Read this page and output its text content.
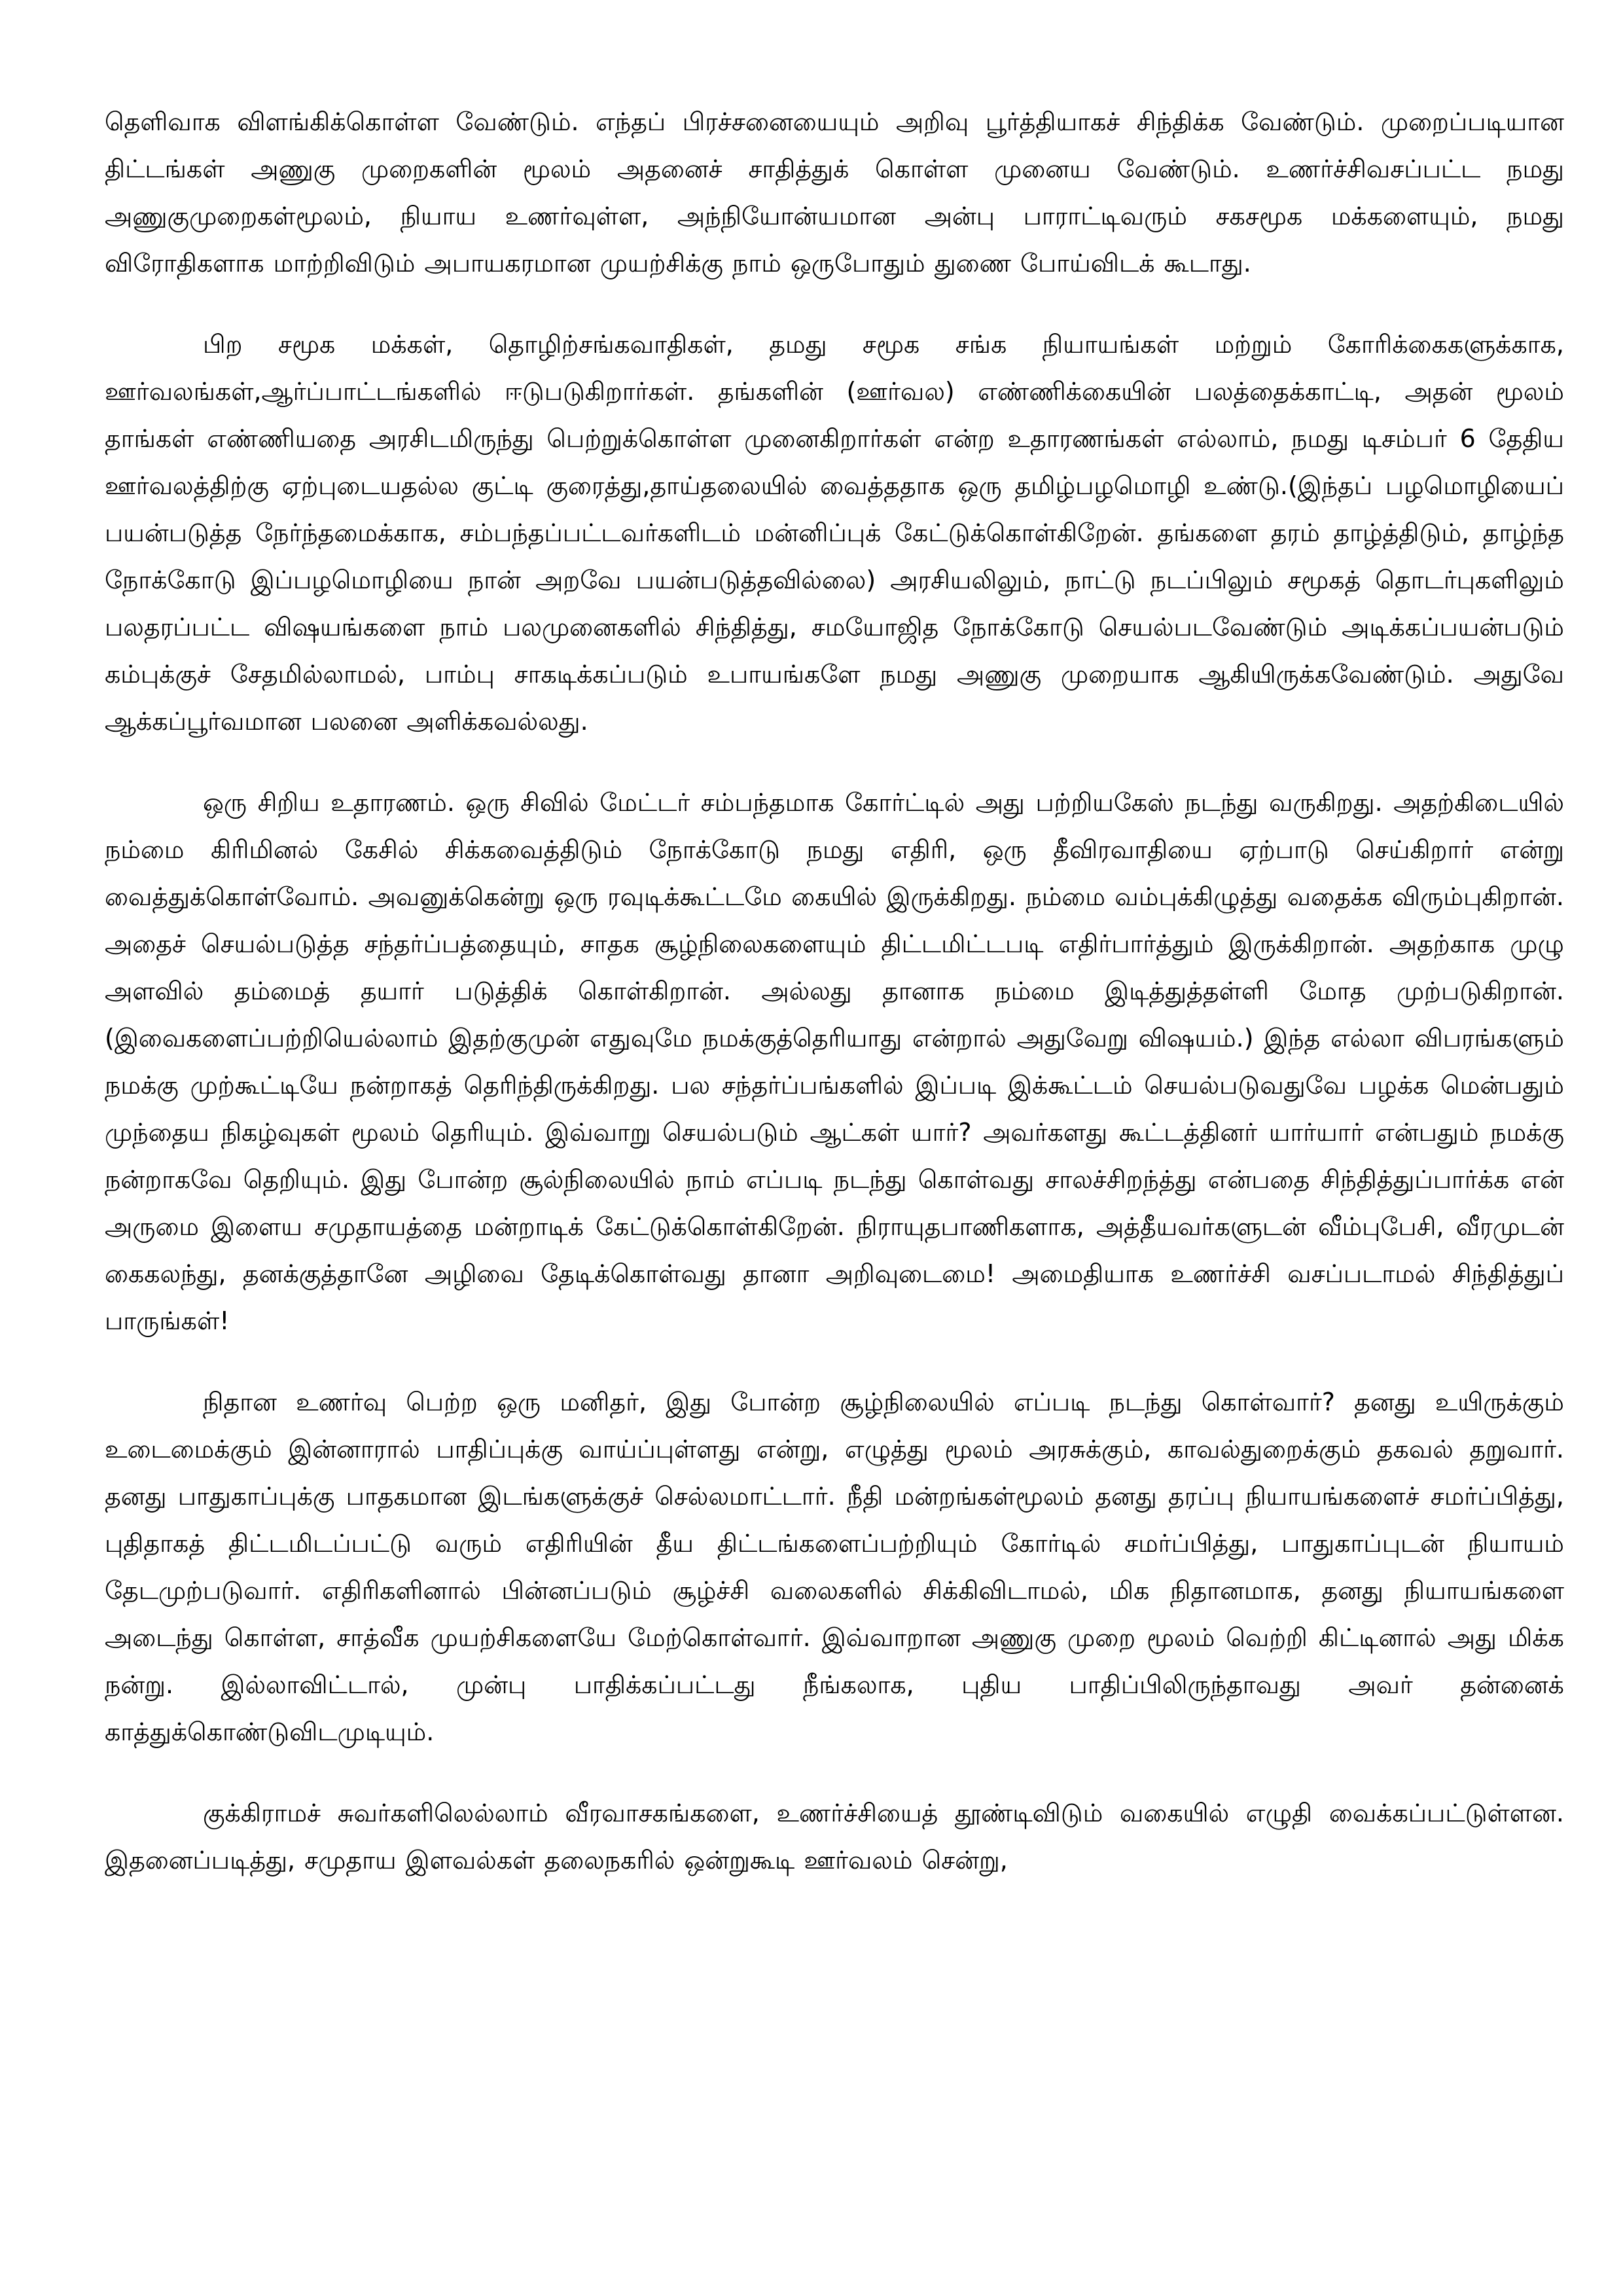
தெளிவாக விளங்கிக்கொள்ள வேண்டும். எந்தப் பிரச்சனையையும் அறிவு பூர்த்தியாகச் சிந்திக்க வேண்டும். முறைப்படியான திட்டங்கள் அணுகு முறைகளின் மூலம் அதனைச் சாதித்துக் கொள்ள முனைய வேண்டும். உணர்ச்சிவசப்பட்ட நமது அணுகுமுறைகள்மூலம், நியாய உணர்வுள்ள, அந்நியோன்யமான அன்பு பாராட்டிவரும் சகசமூக மக்களையும், நமது விரோதிகளாக மாற்றிவிடும் அபாயகரமான முயற்சிக்கு நாம் ஒருபோதும் துணை போய்விடக் கூடாது.

பிற சமூக மக்கள், தொழிற்சங்கவாதிகள், தமது சமூக சங்க நியாயங்கள் மற்றும் கோரிக்கைகளுக்காக, ஊர்வலங்கள்,ஆர்ப்பாட்டங்களில் ஈடுபடுகிறார்கள். தங்களின் (ஊர்வல) எண்ணிக்கையின் பலத்தைக்காட்டி, அதன் மூலம் தாங்கள் எண்ணியதை அரசிடமிருந்து பெற்றுக்கொள்ள முனைகிறார்கள் என்ற உதாரணங்கள் எல்லாம், நமது டிசம்பர் 6 தேதிய ஊர்வலத்திற்கு ஏற்புடையதல்ல குட்டி குரைத்து,தாய்தலையில் வைத்ததாக ஒரு தமிழ்பழமொழி உண்டு.(இந்தப் பழமொழியைப் பயன்படுத்த நேர்ந்தமைக்காக, சம்பந்தப்பட்டவர்களிடம் மன்னிப்புக் கேட்டுக்கொள்கிறேன். தங்களை தரம் தாழ்த்திடும், தாழ்ந்த நோக்கோடு இப்பழமொழியை நான் அறவே பயன்படுத்தவில்லை) அரசியலிலும், நாட்டு நடப்பிலும் சமூகத் தொடர்புகளிலும் பலதரப்பட்ட விஷயங்களை நாம் பலமுனைகளில் சிந்தித்து, சமயோஜித நோக்கோடு செயல்படவேண்டும் அடிக்கப்பயன்படும் கம்புக்குச் சேதமில்லாமல், பாம்பு சாகடிக்கப்படும் உபாயங்களே நமது அணுகு முறையாக ஆகியிருக்கவேண்டும். அதுவே ஆக்கப்பூர்வமான பலனை அளிக்கவல்லது.

ஒரு சிறிய உதாரணம். ஒரு சிவில் மேட்டர் சம்பந்தமாக கோர்ட்டில் அது பற்றியகேஸ் நடந்து வருகிறது. அதற்கிடையில் நம்மை கிரிமினல் கேசில் சிக்கவைத்திடும் நோக்கோடு நமது எதிரி, ஒரு தீவிரவாதியை ஏற்பாடு செய்கிறார் என்று வைத்துக்கொள்வோம். அவனுக்கென்று ஒரு ரவுடிக்கூட்டமே கையில் இருக்கிறது. நம்மை வம்புக்கிழுத்து வதைக்க விரும்புகிறான். அதைச் செயல்படுத்த சந்தர்ப்பத்தையும், சாதக சூழ்நிலைகளையும் திட்டமிட்டபடி எதிர்பார்த்தும் இருக்கிறான். அதற்காக முழு அளவில் தம்மைத் தயார் படுத்திக் கொள்கிறான். அல்லது தானாக நம்மை இடித்துத்தள்ளி மோத முற்படுகிறான். (இவைகளைப்பற்றியெல்லாம் இதற்குமுன் எதுவுமே நமக்குத்தெரியாது என்றால் அதுவேறு விஷயம்.) இந்த எல்லா விபரங்களும் நமக்கு முற்கூட்டியே நன்றாகத் தெரிந்திருக்கிறது. பல சந்தர்ப்பங்களில் இப்படி இக்கூட்டம் செயல்படுவதுவே பழக்க மென்பதும் முந்தைய நிகழ்வுகள் மூலம் தெரியும். இவ்வாறு செயல்படும் ஆட்கள் யார்? அவர்களது கூட்டத்தினர் யார்யார் என்பதும் நமக்கு நன்றாகவே தெறியும். இது போன்ற சூல்நிலையில் நாம் எப்படி நடந்து கொள்வது சாலச்சிறந்த்து என்பதை சிந்தித்துப்பார்க்க என் அருமை இளைய சமுதாயத்தை மன்றாடிக் கேட்டுக்கொள்கிறேன். நிராயுதபாணிகளாக, அத்தீயவர்களுடன் வீம்புபேசி, வீரமுடன் கைகலந்து, தனக்குத்தானே அழிவை தேடிக்கொள்வது தானா அறிவுடைமை! அமைதியாக உணர்ச்சி வசப்படாமல் சிந்தித்துப் பாருங்கள்!

நிதான உணர்வு பெற்ற ஒரு மனிதர், இது போன்ற சூழ்நிலையில் எப்படி நடந்து கொள்வார்? தனது உயிருக்கும் உடைமைக்கும் இன்னாரால் பாதிப்புக்கு வாய்ப்புள்ளது என்று, எழுத்து மூலம் அரசுக்கும், காவல்துறைக்கும் தகவல் தறுவார். தனது பாதுகாப்புக்கு பாதகமான இடங்களுக்குச் செல்லமாட்டார். நீதி மன்றங்கள்மூலம் தனது தரப்பு நியாயங்களைச் சமர்ப்பித்து, புதிதாகத் திட்டமிடப்பட்டு வரும் எதிரியின் தீய திட்டங்களைப்பற்றியும் கோர்டில் சமர்ப்பித்து, பாதுகாப்புடன் நியாயம் தேடமுற்படுவார். எதிரிகளினால் பின்னப்படும் சூழ்ச்சி வலைகளில் சிக்கிவிடாமல், மிக நிதானமாக, தனது நியாயங்களை அடைந்து கொள்ள, சாத்வீக முயற்சிகளையே மேற்கொள்வார். இவ்வாறான அணுகு முறை மூலம் வெற்றி கிட்டினால் அது மிக்க நன்று. இல்லாவிட்டால், முன்பு பாதிக்கப்பட்டது நீங்கலாக, புதிய பாதிப்பிலிருந்தாவது அவர் தன்னைக் காத்துக்கொண்டுவிடமுடியும்.

குக்கிராமச் சுவர்களிலெல்லாம் வீரவாசகங்களை, உணர்ச்சியைத் தூண்டிவிடும் வகையில் எழுதி வைக்கப்பட்டுள்ளன. இதனைப்படித்து, சமுதாய இளவல்கள் தலைநகரில் ஒன்றுகூடி ஊர்வலம் சென்று,
